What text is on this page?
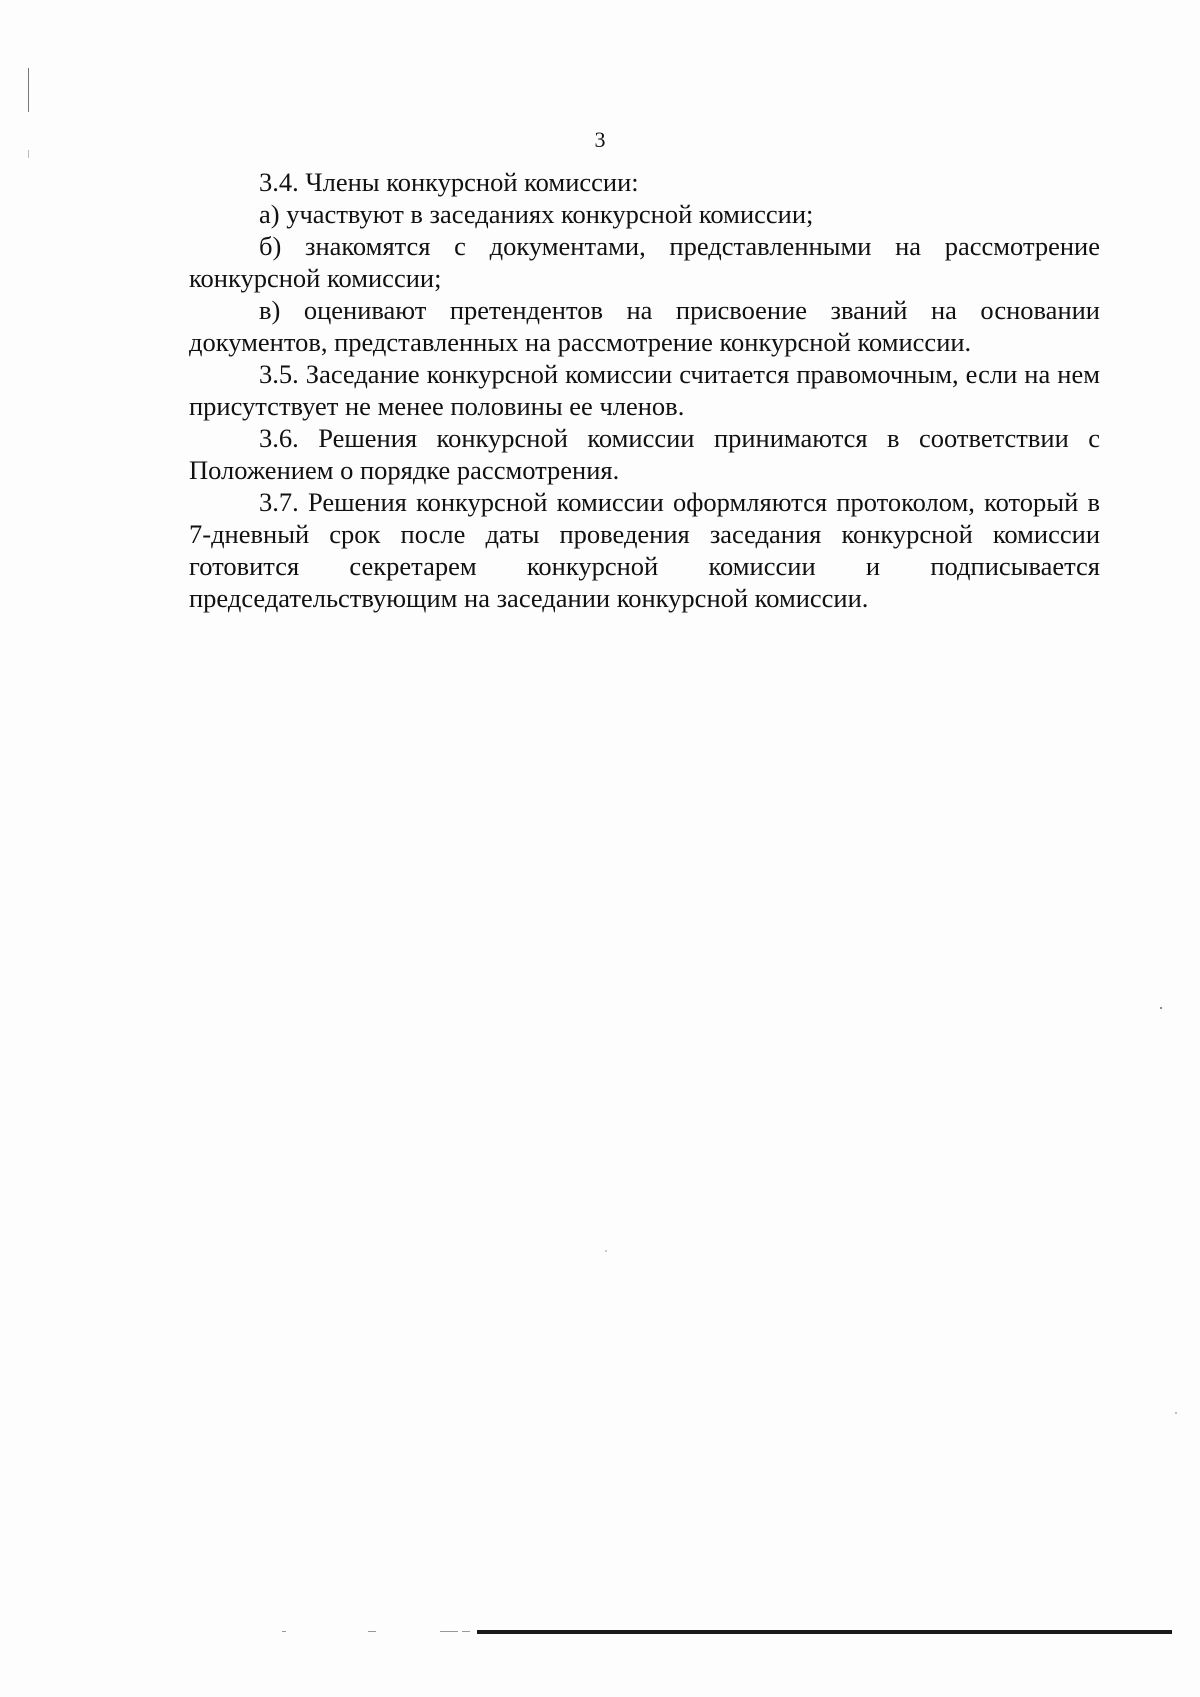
3

3.4. Члены конкурсной комиссии:

а) участвуют в заседаниях конкурсной комиссии;

б) знакомятся с документами, представленными на рассмотрение конкурсной комиссии;

в) оценивают претендентов на присвоение званий на основании документов, представленных на рассмотрение конкурсной комиссии.

3.5. Заседание конкурсной комиссии считается правомочным, если на нем присутствует не менее половины ее членов.

3.6. Решения конкурсной комиссии принимаются в соответствии с Положением о порядке рассмотрения.

3.7. Решения конкурсной комиссии оформляются протоколом, который в 7-дневный срок после даты проведения заседания конкурсной комиссии готовится секретарем конкурсной комиссии и подписывается председательствующим на заседании конкурсной комиссии.
